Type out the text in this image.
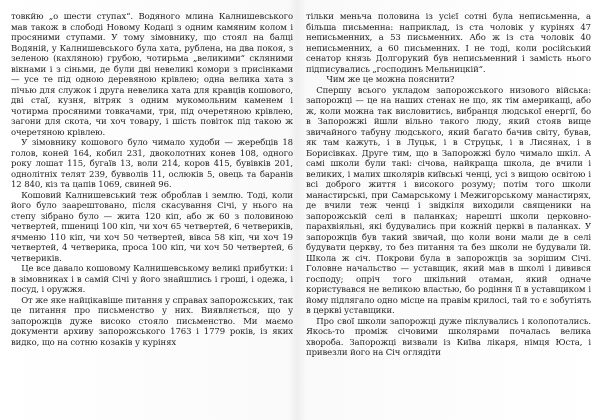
товкйю „о шести ступах“. Водяного млина Калнишевського мав також в слободі Новому Кодаці з одним камяним колом і просяними ступами. У тому зімовнику, що стоял на балці Водяній, у Калнишевського була хата, рублена, на два покоя, з зеленою (кахляною) грубою, чотирьма „великими“ скляними вікнами і з сіньми, де були дві невеликі комори з присінками — усе те під одною деревяною крівлею; одна велика хата з пічью для служок і друга невелика хата для кравців кошового, дві стаї, кузня, вітряк з одним мукомольним каменем і чотирма просяними товкачами, три, під очеретяною крівлею, загони для скота, чи хоч товару, і шість повіток під такою ж очеретяною крівлею.

У зімовнику кошового було чимало худоби — жеребців 18 голов, коней 164, кобил 231, двоколотних конев 108, одного року лошат 115, бугаїв 13, воли 214, коров 415, бувівків 201, однолітніх телят 239, бувволів 11, ослюків 5, овець та баранів 12 840, кіз та цапів 1069, свиней 96.

Кошовий Калнишевський теж оброблав і землю. Тоді, коли його було заарештовано, після скасування Січі, у нього на степу зібрано було — жита 120 кіп, або ж 60 з половиною четвертей, пшениці 100 кіп, чи хоч 65 четвертей, 6 четвериків, ячменю 110 кіп, чи хоч 50 четвертей, вівса 58 кіп, чи хоч 19 четвертей, 4 четверика, проса 100 кіп, чи хоч 50 четвертей, 6 четвериків.

Це все давало кошовому Калнишевському великі прибутки: і в зімовниках і в самій Січі у його знайшлись і гроші, і одежа, і посуд, і оружжя.

От же яке найцікавіше питання у справах запорожських, так це питання про письменство у них. Виявляється, що у запорожців дуже високо стояло письменство. Ми маємо документи архиву запорожського 1763 і 1779 років, із яких видко, що на сотню козаків у курінях

тільки меньча половина із усієї сотні була неписьменна, а більша письменна: наприклад, із ста чоловік у курінях 47 неписьменних, а 53 письменних. Або ж із ста чоловік 40 неписьменних, а 60 письменних. І не тоді, коли російський сенатор князь Долгорукий був неписьменний і замість нього підписувались „господинъ Мельницкій“.

Чим же це можна пояснити?

Спершу всього укладом запорожського низового війська: запорожці — це на наших стенах не що, як тім америкащі, або ж, коли можна так висловитись, вибранця людської енергії, бо в Запорожжі йшли вільно такого люду, який стояв вище звичайного табуну людського, який багато бачив світу, бував, як там кажуть, і в Луцьк, і в Струцьк, і в Лисянах, і в Борисівках. Друге тим, що в Запорожжі було чимало шкіл. А самі школи були такі: січова, найкраща школа, де вчили і великих, і малих школярів київські ченці, усі з вищою освітою і всі доброго життя і високого розуму; потім того школи манастирські, при Самарському і Межигорському манастирях, де вчили теж ченці і звідкіля виходили священики на запорожській селі в паланках; нарешті школи церковно-парахвіяльні, які будувались при кожній церкві в паланках. У запорожців був такий звичай, що коли вони мали де в селі будувати церкву, то без питання та без школи не будували їй. Школа ж січ. Покрови була в запорожців за зорішим Січі. Головне начальство — уставщик, який мав в школі і дивився господу; опріч того шкільний отаман, який одначе користувався не великою властью, бо родіння її в уставщиком і йому підлягало одно місце на правім крилосі, тай то є зобутіять в церкві уставщики.

Про свої школи запорожці дуже піклувались і колопотались. Якось-то проміж січовими школярами почалась велика хвороба. Запорожці визвали із Київа лікаря, німця Юста, і привезли його на Січ оглядіти
